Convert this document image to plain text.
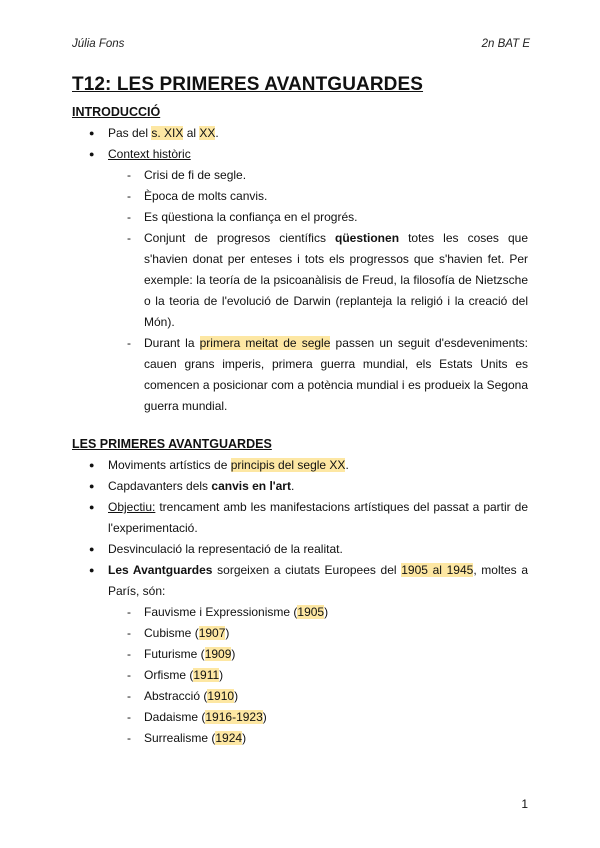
Júlia Fons	2n BAT E
T12: LES PRIMERES AVANTGUARDES
INTRODUCCIÓ
● Pas del s. XIX al XX.
● Context històric
- Crisi de fi de segle.
- Època de molts canvis.
- Es qüestiona la confiança en el progrés.
- Conjunt de progresos científics qüestionen totes les coses que s'havien donat per enteses i tots els progressos que s'havien fet. Per exemple: la teoría de la psicoanàlisis de Freud, la filosofía de Nietzsche o la teoria de l'evolució de Darwin (replanteja la religió i la creació del Món).
- Durant la primera meitat de segle passen un seguit d'esdeveniments: cauen grans imperis, primera guerra mundial, els Estats Units es comencen a posicionar com a potència mundial i es produeix la Segona guerra mundial.
LES PRIMERES AVANTGUARDES
● Moviments artístics de principis del segle XX.
● Capdavanters dels canvis en l'art.
● Objectiu: trencament amb les manifestacions artístiques del passat a partir de l'experimentació.
● Desvinculació la representació de la realitat.
● Les Avantguardes sorgeixen a ciutats Europees del 1905 al 1945, moltes a París, són:
- Fauvisme i Expressionisme (1905)
- Cubisme (1907)
- Futurisme (1909)
- Orfisme (1911)
- Abstracció (1910)
- Dadaisme (1916-1923)
- Surrealisme (1924)
1
